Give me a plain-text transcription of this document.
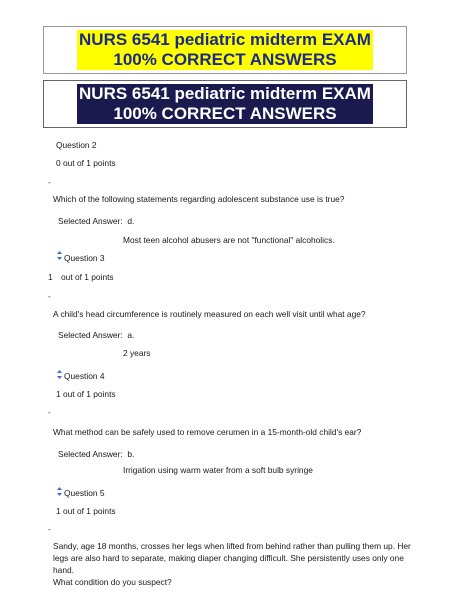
NURS 6541 pediatric midterm EXAM
100% CORRECT ANSWERS
NURS 6541 pediatric midterm EXAM
100% CORRECT ANSWERS
Question 2
0 out of 1 points
-
Which of the following statements regarding adolescent substance use is true?
Selected Answer: d.
Most teen alcohol abusers are not "functional" alcoholics.
Question 3
1 out of 1 points
-
A child's head circumference is routinely measured on each well visit until what age?
Selected Answer: a.
2 years
Question 4
1 out of 1 points
-
What method can be safely used to remove cerumen in a 15-month-old child's ear?
Selected Answer: b.
Irrigation using warm water from a soft bulb syringe
Question 5
1 out of 1 points
-
Sandy, age 18 months, crosses her legs when lifted from behind rather than pulling them up. Her
legs are also hard to separate, making diaper changing difficult. She persistently uses only one hand.
What condition do you suspect?
